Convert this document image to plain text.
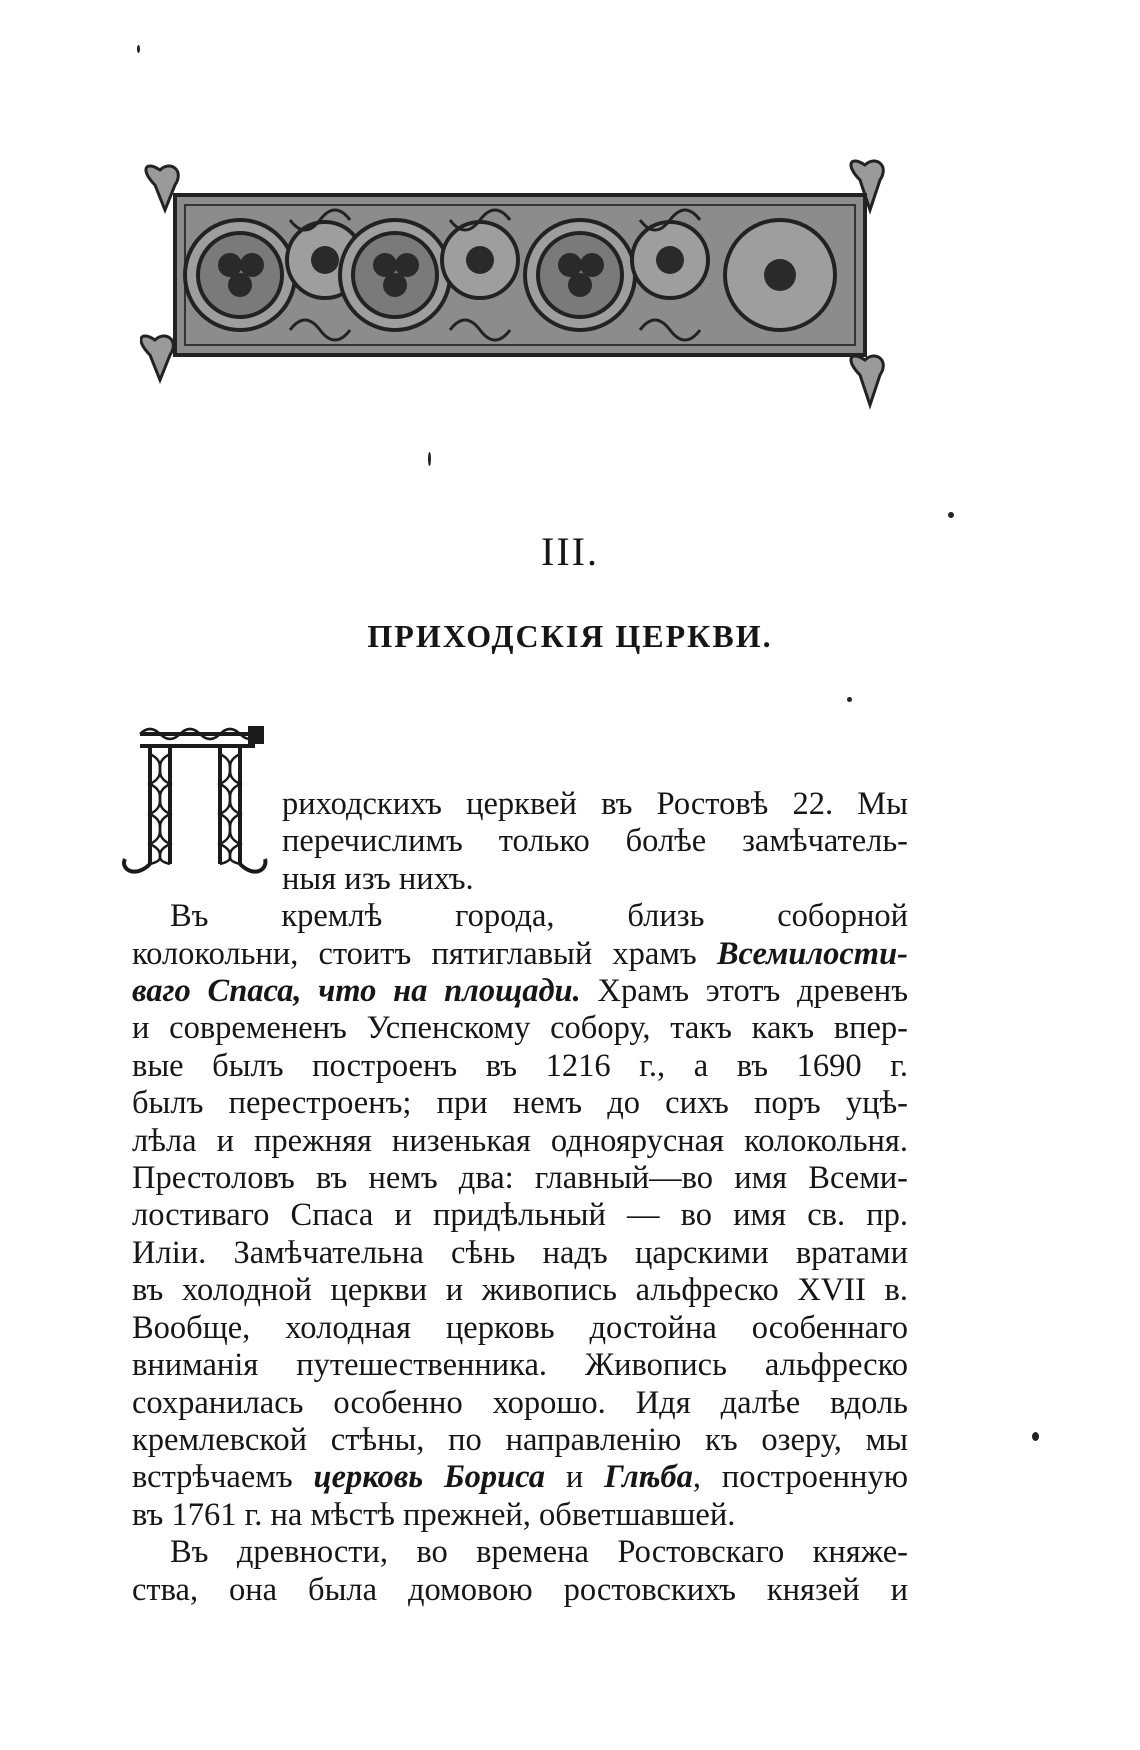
III.
ПРИХОДСКІЯ ЦЕРКВИ.
П	риходскихъ церквей въ Ростовѣ 22. Мы
перечислимъ только болѣе замѣчатель-
ныя изъ нихъ.
Въ кремлѣ города, близь соборной
колокольни, стоитъ пятиглавый храмъ Всемилости-
ваго Спаса, что на площади. Храмъ этотъ древенъ
и современенъ Успенскому собору, такъ какъ впер-
вые былъ построенъ въ 1216 г., а въ 1690 г.
былъ перестроенъ; при немъ до сихъ поръ уцѣ-
лѣла и прежняя низенькая одноярусная колокольня.
Престоловъ въ немъ два: главный—во имя Всеми-
лостиваго Спаса и придѣльный — во имя св. пр.
Иліи. Замѣчательна сѣнь надъ царскими вратами
въ холодной церкви и живопись альфреско XVII в.
Вообще, холодная церковь достойна особеннаго
вниманія путешественника. Живопись альфреско
сохранилась особенно хорошо. Идя далѣе вдоль
кремлевской стѣны, по направленію къ озеру, мы
встрѣчаемъ церковь Бориса и Глѣба, построенную
въ 1761 г. на мѣстѣ прежней, обветшавшей.
Въ древности, во времена Ростовскаго княже-
ства, она была домовою ростовскихъ князей и
